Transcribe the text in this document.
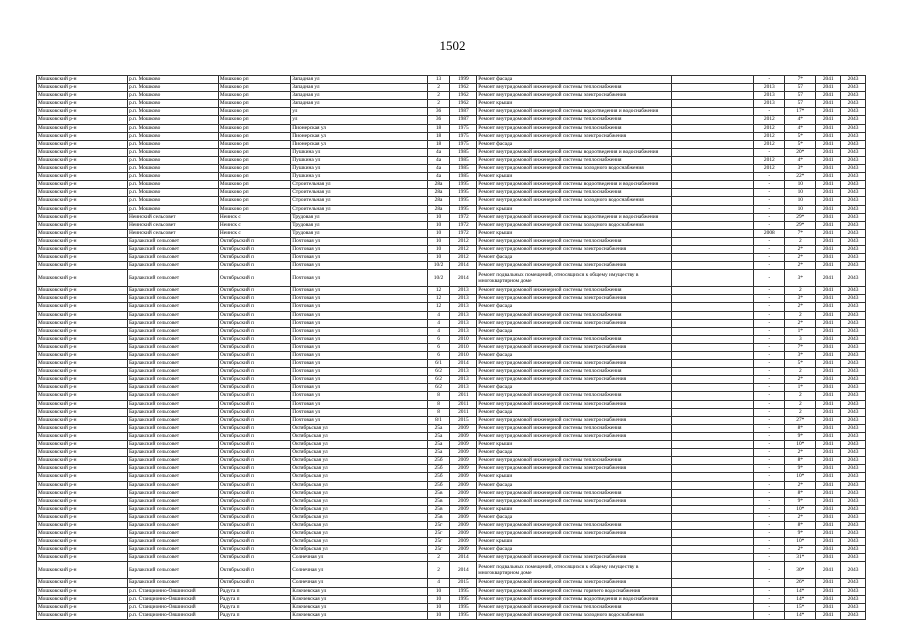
1502
Мошковский р-н	р.п. Мошково	Мошково рп	Западная ул	13	1999	Ремонт фасада		-	7*	2041	2043
Мошковский р-н	р.п. Мошково	Мошково рп	Западная ул	2	1962	Ремонт внутридомовой инженерной системы теплоснабжения		2013	57	2041	2043
Мошковский р-н	р.п. Мошково	Мошково рп	Западная ул	2	1962	Ремонт внутридомовой инженерной системы электроснабжения		2013	57	2041	2043
Мошковский р-н	р.п. Мошково	Мошково рп	Западная ул	2	1962	Ремонт крыши		2013	57	2041	2043
Мошковский р-н	р.п. Мошково	Мошково рп	ул	36	1987	Ремонт внутридомовой инженерной системы водоотведения и водоснабжения		-	17*	2041	2043
Мошковский р-н	р.п. Мошково	Мошково рп	ул	36	1987	Ремонт внутридомовой инженерной системы теплоснабжения		2012	4*	2041	2043
Мошковский р-н	р.п. Мошково	Мошково рп	Пионерская ул	18	1975	Ремонт внутридомовой инженерной системы теплоснабжения		2012	4*	2041	2043
Мошковский р-н	р.п. Мошково	Мошково рп	Пионерская ул	18	1975	Ремонт внутридомовой инженерной системы электроснабжения		2012	5*	2041	2043
Мошковский р-н	р.п. Мошково	Мошково рп	Пионерская ул	18	1975	Ремонт фасада		2012	5*	2041	2043
Мошковский р-н	р.п. Мошково	Мошково рп	Пушкина ул	4а	1985	Ремонт внутридомовой инженерной системы водоотведения и водоснабжения		-	20*	2041	2043
Мошковский р-н	р.п. Мошково	Мошково рп	Пушкина ул	4а	1985	Ремонт внутридомовой инженерной системы теплоснабжения		2012	4*	2041	2043
Мошковский р-н	р.п. Мошково	Мошково рп	Пушкина ул	4а	1985	Ремонт внутридомовой инженерной системы холодного водоснабжения		2012	3*	2041	2043
Мошковский р-н	р.п. Мошково	Мошково рп	Пушкина ул	4а	1985	Ремонт крыши		-	22*	2041	2043
Мошковский р-н	р.п. Мошково	Мошково рп	Строительная ул	28а	1995	Ремонт внутридомовой инженерной системы водоотведения и водоснабжения		-	10	2041	2043
Мошковский р-н	р.п. Мошково	Мошково рп	Строительная ул	28а	1995	Ремонт внутридомовой инженерной системы теплоснабжения		-	10	2041	2043
Мошковский р-н	р.п. Мошково	Мошково рп	Строительная ул	28а	1995	Ремонт внутридомовой инженерной системы холодного водоснабжения		-	10	2041	2043
Мошковский р-н	р.п. Мошково	Мошково рп	Строительная ул	28а	1995	Ремонт крыши		-	10	2041	2043
Мошковский р-н	Неинский сельсовет	Неинск с	Трудовая ул	10	1972	Ремонт внутридомовой инженерной системы водоотведения и водоснабжения		-	29*	2041	2043
Мошковский р-н	Неинский сельсовет	Неинск с	Трудовая ул	10	1972	Ремонт внутридомовой инженерной системы холодного водоснабжения		-	29*	2041	2043
Мошковский р-н	Неинский сельсовет	Неинск с	Трудовая ул	10	1972	Ремонт крыши		2008	7*	2041	2043
Мошковский р-н	Барлакский сельсовет	Октябрьский п	Почтовая ул	10	2012	Ремонт внутридомовой инженерной системы теплоснабжения		-	2	2041	2043
Мошковский р-н	Барлакский сельсовет	Октябрьский п	Почтовая ул	10	2012	Ремонт внутридомовой инженерной системы электроснабжения		-	2*	2041	2043
Мошковский р-н	Барлакский сельсовет	Октябрьский п	Почтовая ул	10	2012	Ремонт фасада		-	2*	2041	2043
Мошковский р-н	Барлакский сельсовет	Октябрьский п	Почтовая ул	10/2	2014	Ремонт внутридомовой инженерной системы электроснабжения		-	2*	2041	2043
Мошковский р-н	Барлакский сельсовет	Октябрьский п	Почтовая ул	10/2	2014	Ремонт подвальных помещений, относящихся к общему имуществу в многоквартирном доме		-	3*	2041	2043
Мошковский р-н	Барлакский сельсовет	Октябрьский п	Почтовая ул	12	2013	Ремонт внутридомовой инженерной системы теплоснабжения		-	2	2041	2043
Мошковский р-н	Барлакский сельсовет	Октябрьский п	Почтовая ул	12	2013	Ремонт внутридомовой инженерной системы электроснабжения		-	3*	2041	2043
Мошковский р-н	Барлакский сельсовет	Октябрьский п	Почтовая ул	12	2013	Ремонт фасада		-	2*	2041	2043
Мошковский р-н	Барлакский сельсовет	Октябрьский п	Почтовая ул	4	2013	Ремонт внутридомовой инженерной системы теплоснабжения		-	2	2041	2043
Мошковский р-н	Барлакский сельсовет	Октябрьский п	Почтовая ул	4	2013	Ремонт внутридомовой инженерной системы электроснабжения		-	2*	2041	2043
Мошковский р-н	Барлакский сельсовет	Октябрьский п	Почтовая ул	4	2013	Ремонт фасада		-	1*	2041	2043
Мошковский р-н	Барлакский сельсовет	Октябрьский п	Почтовая ул	6	2010	Ремонт внутридомовой инженерной системы теплоснабжения		-	3	2041	2043
Мошковский р-н	Барлакский сельсовет	Октябрьский п	Почтовая ул	6	2010	Ремонт внутридомовой инженерной системы электроснабжения		-	7*	2041	2043
Мошковский р-н	Барлакский сельсовет	Октябрьский п	Почтовая ул	6	2010	Ремонт фасада		-	3*	2041	2043
Мошковский р-н	Барлакский сельсовет	Октябрьский п	Почтовая ул	6/1	2014	Ремонт внутридомовой инженерной системы электроснабжения		-	5*	2041	2043
Мошковский р-н	Барлакский сельсовет	Октябрьский п	Почтовая ул	6/2	2013	Ремонт внутридомовой инженерной системы теплоснабжения		-	2	2041	2043
Мошковский р-н	Барлакский сельсовет	Октябрьский п	Почтовая ул	6/2	2013	Ремонт внутридомовой инженерной системы электроснабжения		-	2*	2041	2043
Мошковский р-н	Барлакский сельсовет	Октябрьский п	Почтовая ул	6/2	2013	Ремонт фасада		-	1*	2041	2043
Мошковский р-н	Барлакский сельсовет	Октябрьский п	Почтовая ул	8	2011	Ремонт внутридомовой инженерной системы теплоснабжения		-	2	2041	2043
Мошковский р-н	Барлакский сельсовет	Октябрьский п	Почтовая ул	8	2011	Ремонт внутридомовой инженерной системы электроснабжения		-	2	2041	2043
Мошковский р-н	Барлакский сельсовет	Октябрьский п	Почтовая ул	8	2011	Ремонт фасада		-	2	2041	2043
Мошковский р-н	Барлакский сельсовет	Октябрьский п	Почтовая ул	8/1	2015	Ремонт внутридомовой инженерной системы электроснабжения		-	27*	2041	2043
Мошковский р-н	Барлакский сельсовет	Октябрьский п	Октябрьская ул	25а	2009	Ремонт внутридомовой инженерной системы теплоснабжения		-	8*	2041	2043
Мошковский р-н	Барлакский сельсовет	Октябрьский п	Октябрьская ул	25а	2009	Ремонт внутридомовой инженерной системы электроснабжения		-	9*	2041	2043
Мошковский р-н	Барлакский сельсовет	Октябрьский п	Октябрьская ул	25а	2009	Ремонт крыши		-	10*	2041	2043
Мошковский р-н	Барлакский сельсовет	Октябрьский п	Октябрьская ул	25а	2009	Ремонт фасада		-	2*	2041	2043
Мошковский р-н	Барлакский сельсовет	Октябрьский п	Октябрьская ул	25б	2009	Ремонт внутридомовой инженерной системы теплоснабжения		-	8*	2041	2043
Мошковский р-н	Барлакский сельсовет	Октябрьский п	Октябрьская ул	25б	2009	Ремонт внутридомовой инженерной системы электроснабжения		-	9*	2041	2043
Мошковский р-н	Барлакский сельсовет	Октябрьский п	Октябрьская ул	25б	2009	Ремонт крыши		-	10*	2041	2043
Мошковский р-н	Барлакский сельсовет	Октябрьский п	Октябрьская ул	25б	2009	Ремонт фасада		-	2*	2041	2043
Мошковский р-н	Барлакский сельсовет	Октябрьский п	Октябрьская ул	25в	2009	Ремонт внутридомовой инженерной системы теплоснабжения		-	8*	2041	2043
Мошковский р-н	Барлакский сельсовет	Октябрьский п	Октябрьская ул	25в	2009	Ремонт внутридомовой инженерной системы электроснабжения		-	9*	2041	2043
Мошковский р-н	Барлакский сельсовет	Октябрьский п	Октябрьская ул	25в	2009	Ремонт крыши		-	10*	2041	2043
Мошковский р-н	Барлакский сельсовет	Октябрьский п	Октябрьская ул	25в	2009	Ремонт фасада		-	2*	2041	2043
Мошковский р-н	Барлакский сельсовет	Октябрьский п	Октябрьская ул	25г	2009	Ремонт внутридомовой инженерной системы теплоснабжения		-	8*	2041	2043
Мошковский р-н	Барлакский сельсовет	Октябрьский п	Октябрьская ул	25г	2009	Ремонт внутридомовой инженерной системы электроснабжения		-	9*	2041	2043
Мошковский р-н	Барлакский сельсовет	Октябрьский п	Октябрьская ул	25г	2009	Ремонт крыши		-	10*	2041	2043
Мошковский р-н	Барлакский сельсовет	Октябрьский п	Октябрьская ул	25г	2009	Ремонт фасада		-	2*	2041	2043
Мошковский р-н	Барлакский сельсовет	Октябрьский п	Солнечная ул	2	2014	Ремонт внутридомовой инженерной системы электроснабжения		-	31*	2041	2043
Мошковский р-н	Барлакский сельсовет	Октябрьский п	Солнечная ул	2	2014	Ремонт подвальных помещений, относящихся к общему имуществу в многоквартирном доме		-	30*	2041	2043
Мошковский р-н	Барлакский сельсовет	Октябрьский п	Солнечная ул	4	2015	Ремонт внутридомовой инженерной системы электроснабжения		-	26*	2041	2043
Мошковский р-н	р.п. Станционно-Ояшинский	Радуга п	Ключевская ул	10	1995	Ремонт внутридомовой инженерной системы горячего водоснабжения		-	14*	2041	2043
Мошковский р-н	р.п. Станционно-Ояшинский	Радуга п	Ключевская ул	10	1995	Ремонт внутридомовой инженерной системы водоотведения и водоснабжения		-	14*	2041	2043
Мошковский р-н	р.п. Станционно-Ояшинский	Радуга п	Ключевская ул	10	1995	Ремонт внутридомовой инженерной системы теплоснабжения		-	15*	2041	2043
Мошковский р-н	р.п. Станционно-Ояшинский	Радуга п	Ключевская ул	10	1995	Ремонт внутридомовой инженерной системы холодного водоснабжения		-	14*	2041	2043
